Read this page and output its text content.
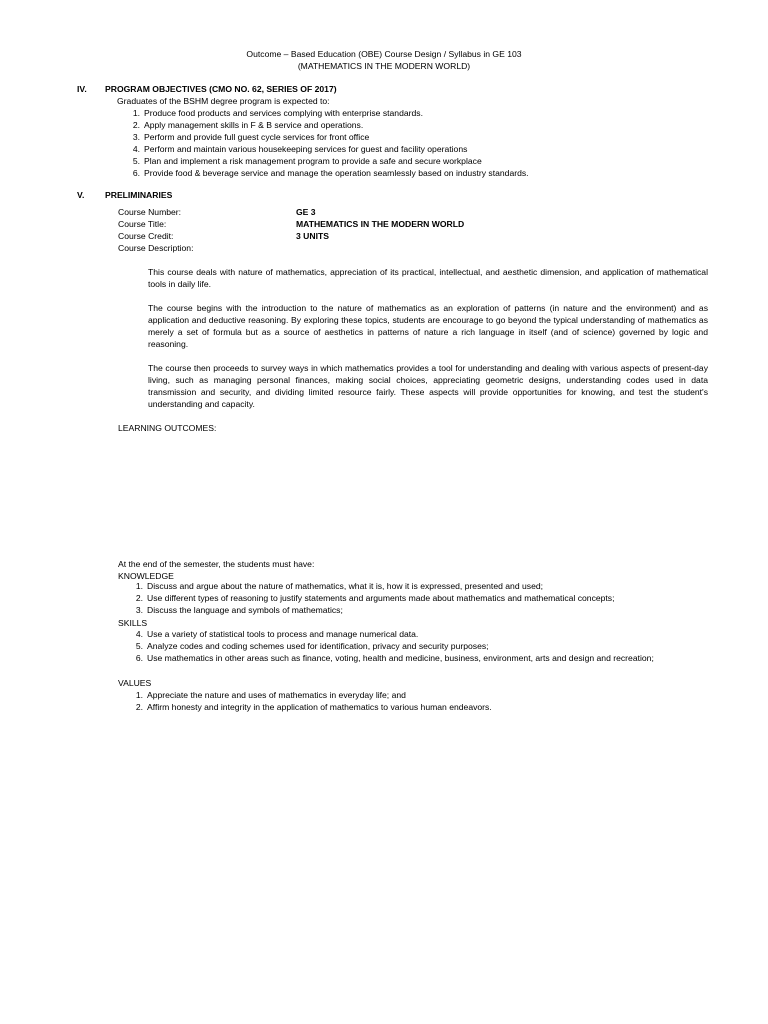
Outcome – Based Education (OBE) Course Design / Syllabus in GE 103
(MATHEMATICS IN THE MODERN WORLD)
IV. PROGRAM OBJECTIVES (CMO NO. 62, SERIES OF 2017)
Graduates of the BSHM degree program is expected to:
1. Produce food products and services complying with enterprise standards.
2. Apply management skills in F & B service and operations.
3. Perform and provide full guest cycle services for front office
4. Perform and maintain various housekeeping services for guest and facility operations
5. Plan and implement a risk management program to provide a safe and secure workplace
6. Provide food & beverage service and manage the operation seamlessly based on industry standards.
V. PRELIMINARIES
Course Number:	GE 3
Course Title:	MATHEMATICS IN THE MODERN WORLD
Course Credit:	3 UNITS
Course Description:
This course deals with nature of mathematics, appreciation of its practical, intellectual, and aesthetic dimension, and application of mathematical tools in daily life.
The course begins with the introduction to the nature of mathematics as an exploration of patterns (in nature and the environment) and as application and deductive reasoning. By exploring these topics, students are encourage to go beyond the typical understanding of mathematics as merely a set of formula but as a source of aesthetics in patterns of nature a rich language in itself (and of science) governed by logic and reasoning.
The course then proceeds to survey ways in which mathematics provides a tool for understanding and dealing with various aspects of present-day living, such as managing personal finances, making social choices, appreciating geometric designs, understanding codes used in data transmission and security, and dividing limited resource fairly. These aspects will provide opportunities for knowing, and test the student's understanding and capacity.
LEARNING OUTCOMES:
At the end of the semester, the students must have:
KNOWLEDGE
1. Discuss and argue about the nature of mathematics, what it is, how it is expressed, presented and used;
2. Use different types of reasoning to justify statements and arguments made about mathematics and mathematical concepts;
3. Discuss the language and symbols of mathematics;
SKILLS
4. Use a variety of statistical tools to process and manage numerical data.
5. Analyze codes and coding schemes used for identification, privacy and security purposes;
6. Use mathematics in other areas such as finance, voting, health and medicine, business, environment, arts and design and recreation;
VALUES
1. Appreciate the nature and uses of mathematics in everyday life; and
2. Affirm honesty and integrity in the application of mathematics to various human endeavors.
